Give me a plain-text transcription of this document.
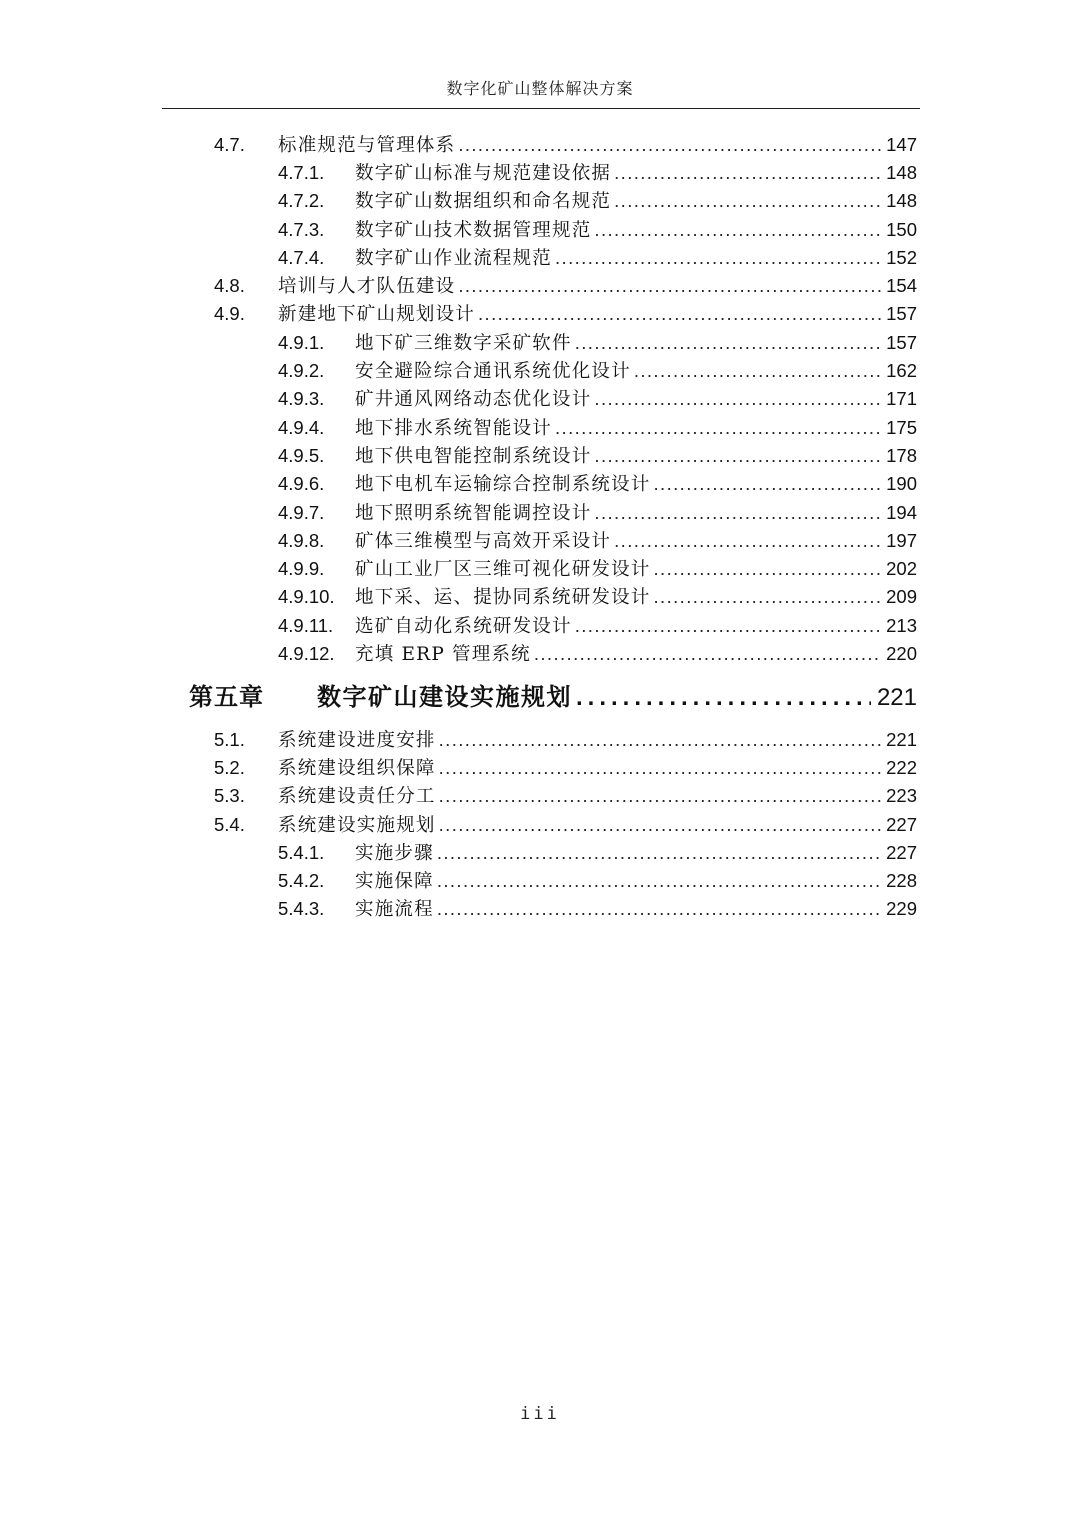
数字化矿山整体解决方案
4.7.	标准规范与管理体系 .....	147
4.7.1.	数字矿山标准与规范建设依据 .....	148
4.7.2.	数字矿山数据组织和命名规范 .....	148
4.7.3.	数字矿山技术数据管理规范 .....	150
4.7.4.	数字矿山作业流程规范 .....	152
4.8.	培训与人才队伍建设 .....	154
4.9.	新建地下矿山规划设计 .....	157
4.9.1.	地下矿三维数字采矿软件 .....	157
4.9.2.	安全避险综合通讯系统优化设计 .....	162
4.9.3.	矿井通风网络动态优化设计 .....	171
4.9.4.	地下排水系统智能设计 .....	175
4.9.5.	地下供电智能控制系统设计 .....	178
4.9.6.	地下电机车运输综合控制系统设计 .....	190
4.9.7.	地下照明系统智能调控设计 .....	194
4.9.8.	矿体三维模型与高效开采设计 .....	197
4.9.9.	矿山工业厂区三维可视化研发设计 .....	202
4.9.10.	地下采、运、提协同系统研发设计 .....	209
4.9.11.	选矿自动化系统研发设计 .....	213
4.9.12.	充填 ERP 管理系统 .....	220
第五章	数字矿山建设实施规划 .....	221
5.1.	系统建设进度安排 .....	221
5.2.	系统建设组织保障 .....	222
5.3.	系统建设责任分工 .....	223
5.4.	系统建设实施规划 .....	227
5.4.1.	实施步骤 .....	227
5.4.2.	实施保障 .....	228
5.4.3.	实施流程 .....	229
iii
